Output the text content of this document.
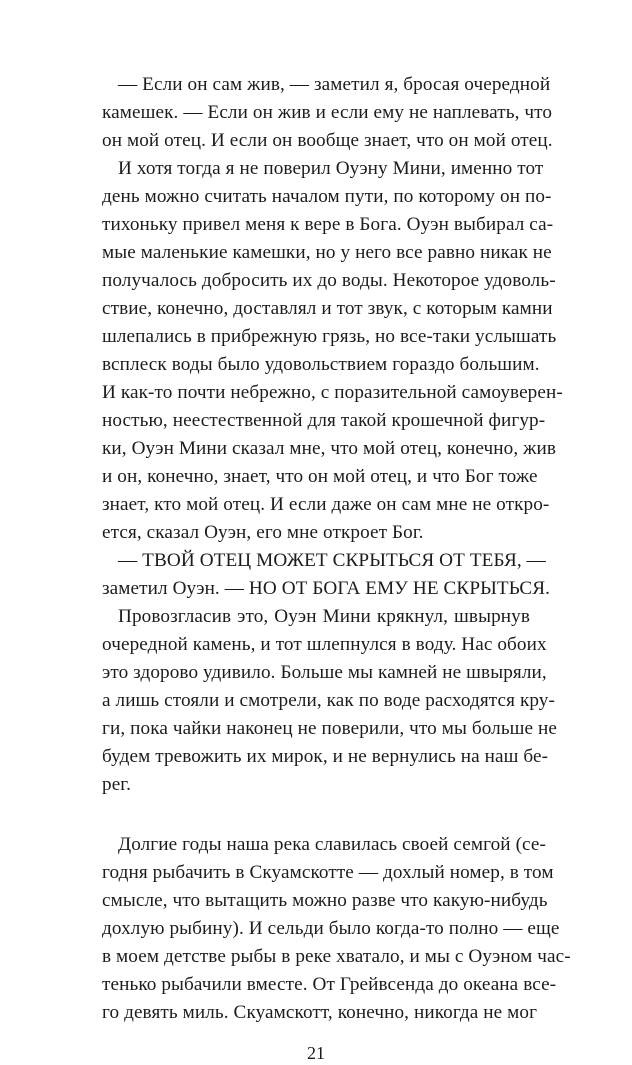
— Если он сам жив, — заметил я, бросая очередной
камешек. — Если он жив и если ему не наплевать, что
он мой отец. И если он вообще знает, что он мой отец.
И хотя тогда я не поверил Оуэну Мини, именно тот
день можно считать началом пути, по которому он по-
тихоньку привел меня к вере в Бога. Оуэн выбирал са-
мые маленькие камешки, но у него все равно никак не
получалось добросить их до воды. Некоторое удоволь-
ствие, конечно, доставлял и тот звук, с которым камни
шлепались в прибрежную грязь, но все-таки услышать
всплеск воды было удовольствием гораздо большим.
И как-то почти небрежно, с поразительной самоуверен-
ностью, неестественной для такой крошечной фигур-
ки, Оуэн Мини сказал мне, что мой отец, конечно, жив
и он, конечно, знает, что он мой отец, и что Бог тоже
знает, кто мой отец. И если даже он сам мне не откро-
ется, сказал Оуэн, его мне откроет Бог.
— ТВОЙ ОТЕЦ МОЖЕТ СКРЫТЬСЯ ОТ ТЕБЯ, —
заметил Оуэн. — НО ОТ БОГА ЕМУ НЕ СКРЫТЬСЯ.
Провозгласив это, Оуэн Мини крякнул, швырнув
очередной камень, и тот шлепнулся в воду. Нас обоих
это здорово удивило. Больше мы камней не швыряли,
а лишь стояли и смотрели, как по воде расходятся кру-
ги, пока чайки наконец не поверили, что мы больше не
будем тревожить их мирок, и не вернулись на наш бе-
рег.
Долгие годы наша река славилась своей семгой (се-
годня рыбачить в Скуамскотте — дохлый номер, в том
смысле, что вытащить можно разве что какую-нибудь
дохлую рыбину). И сельди было когда-то полно — еще
в моем детстве рыбы в реке хватало, и мы с Оуэном час-
тенько рыбачили вместе. От Грейвсенда до океана все-
го девять миль. Скуамскотт, конечно, никогда не мог
21
